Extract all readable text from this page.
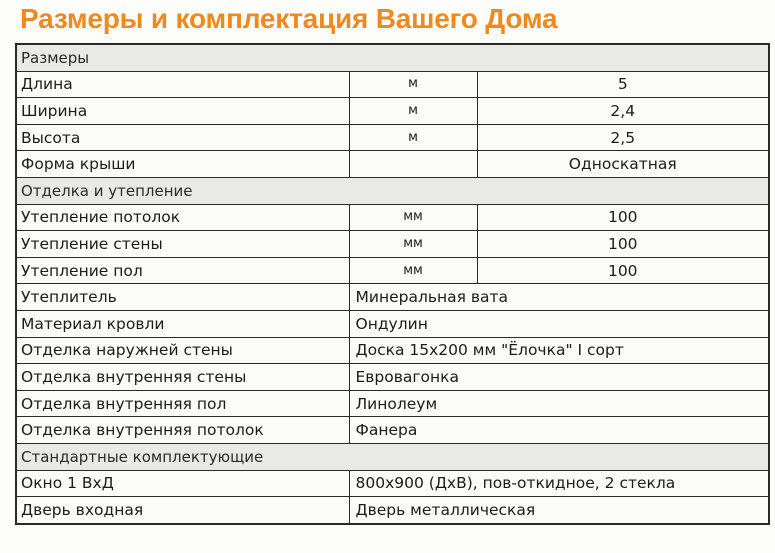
Размеры и комплектация Вашего Дома
Размеры		
Длина	м	5
Ширина	м	2,4
Высота	м	2,5
Форма крыши		Односкатная
Отделка и утепление		
Утепление потолок	мм	100
Утепление стены	мм	100
Утепление пол	мм	100
Утеплитель	Минеральная вата	
Материал кровли	Ондулин	
Отделка наружней стены	Доска 15х200 мм "Ёлочка" I сорт	
Отделка внутренняя стены	Евровагонка	
Отделка внутренняя пол	Линолеум	
Отделка внутренняя потолок	Фанера	
Стандартные комплектующие		
Окно 1 ВхД	800х900 (ДхВ), пов-откидное, 2 стекла	
Дверь входная	Дверь металлическая	
